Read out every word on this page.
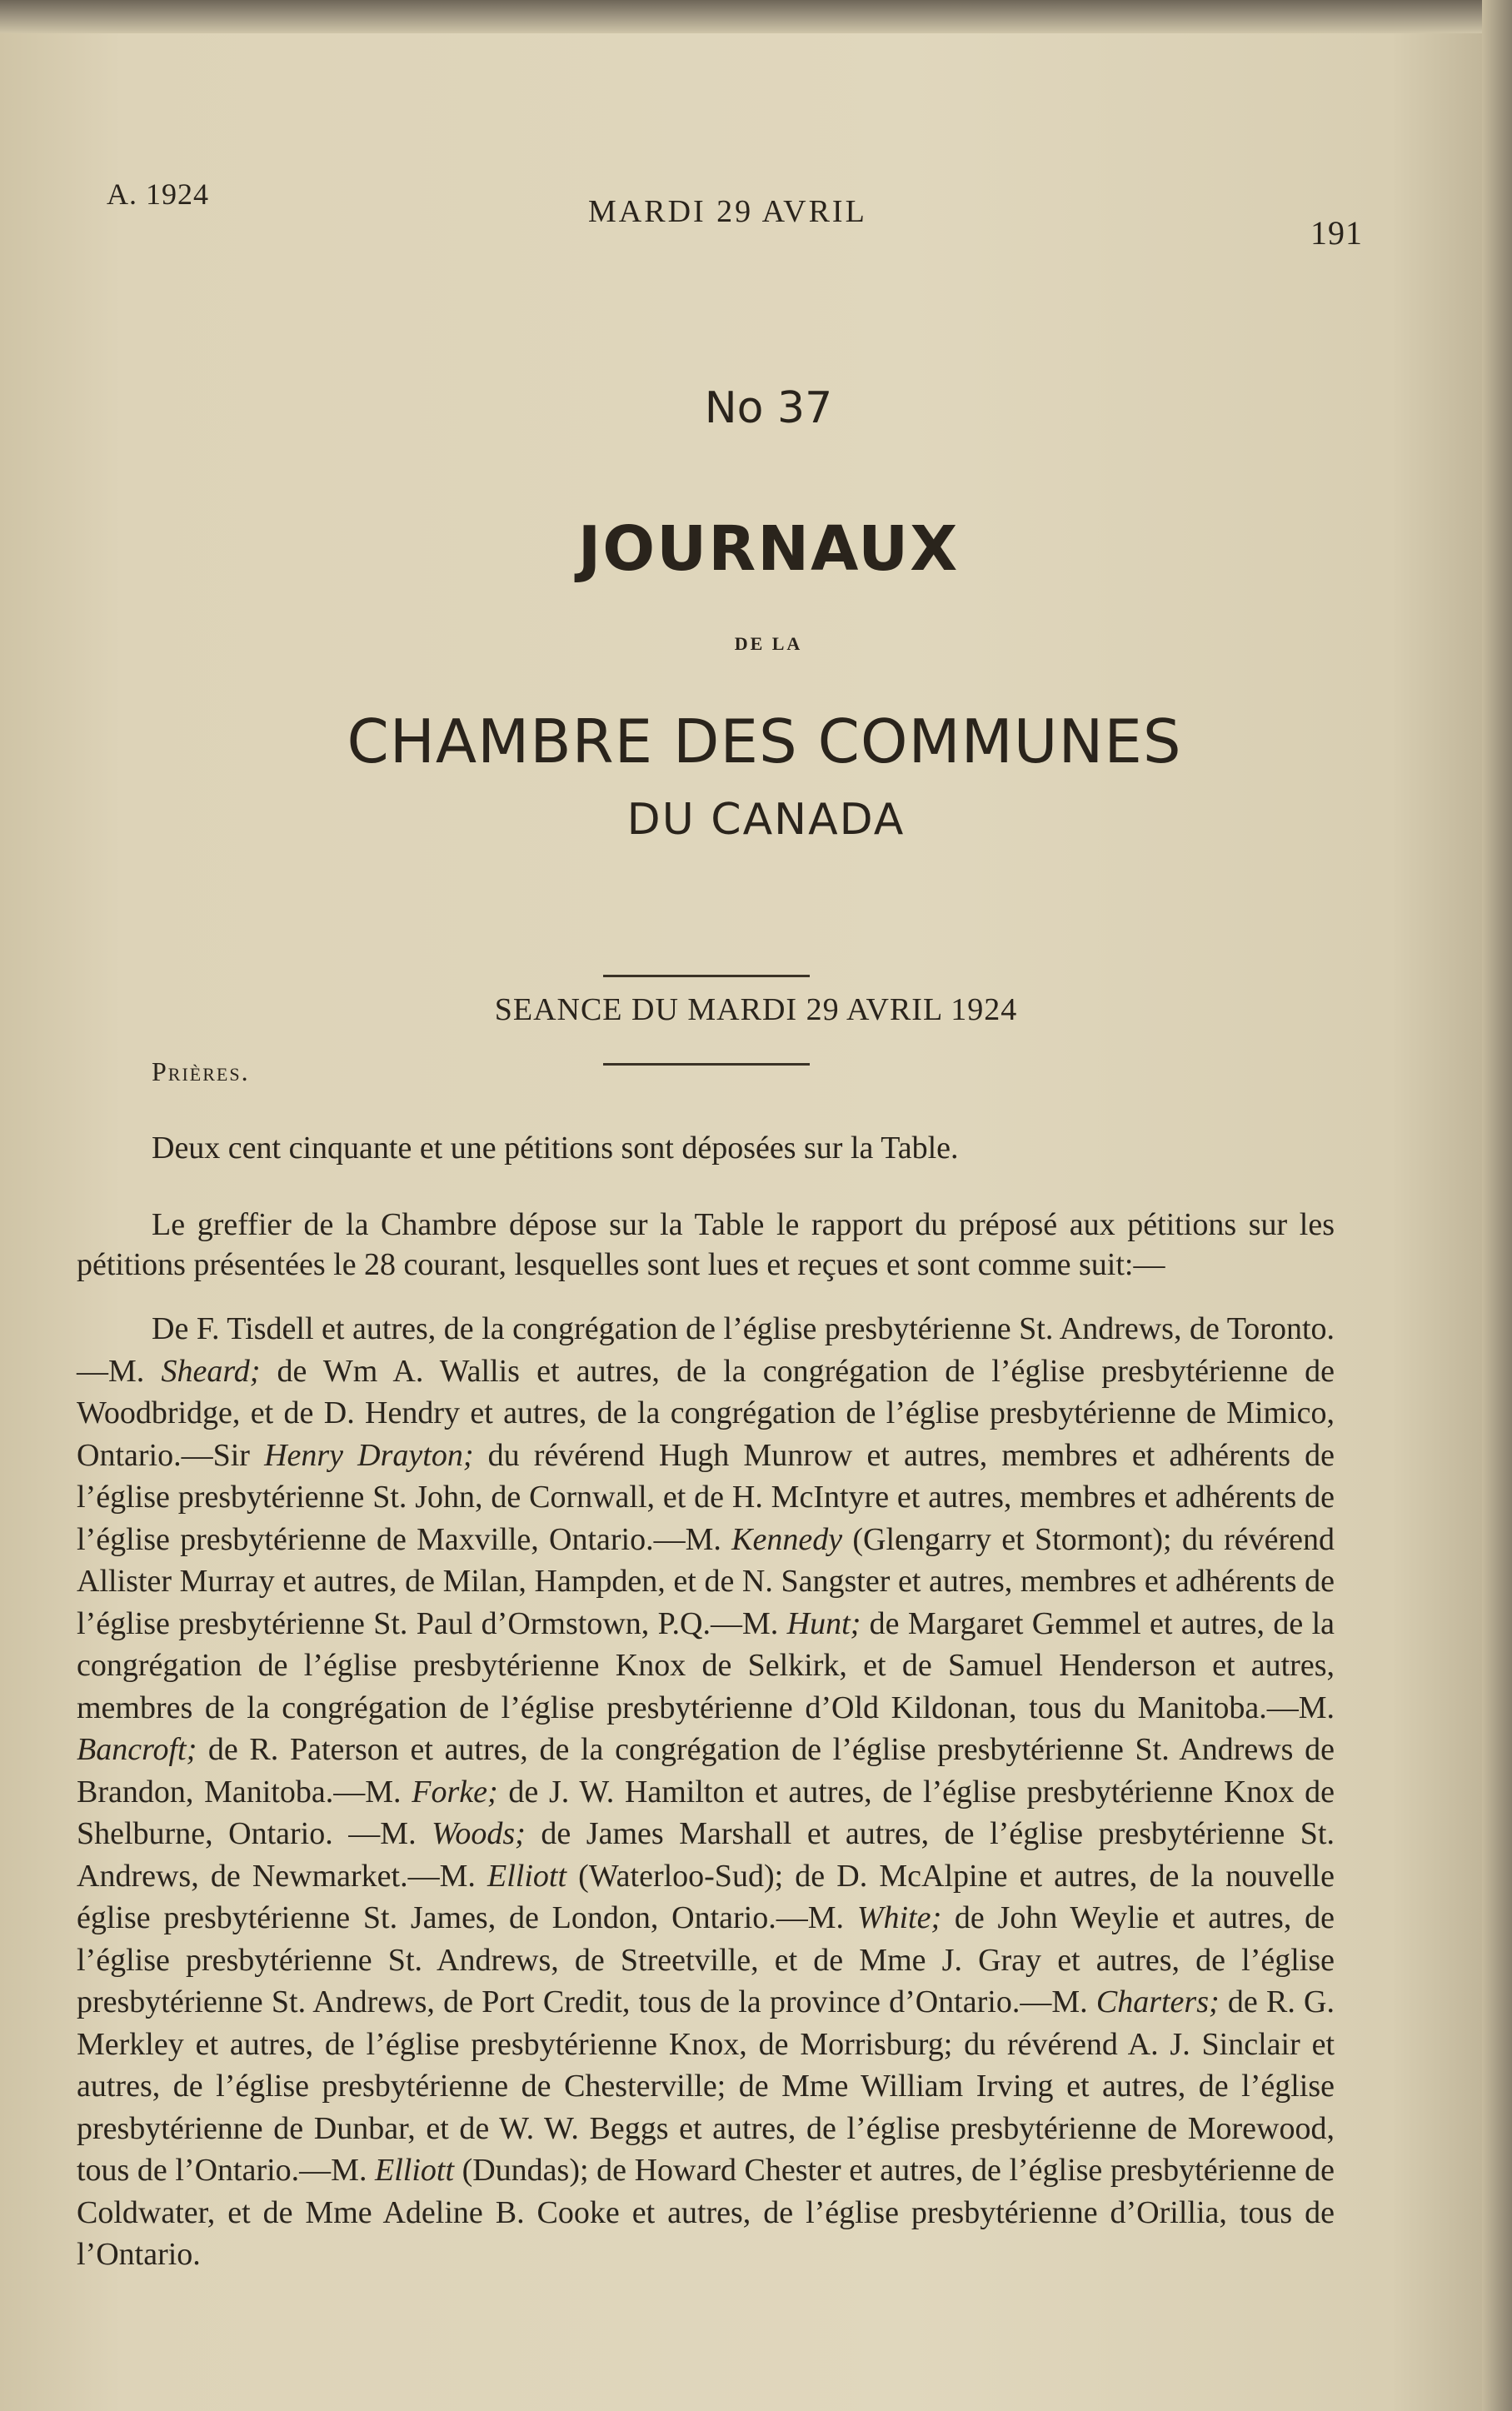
A. 1924	MARDI 29 AVRIL
191
No 37
JOURNAUX
DE LA
CHAMBRE DES COMMUNES
DU CANADA
SEANCE DU MARDI 29 AVRIL 1924
Prières.
Deux cent cinquante et une pétitions sont déposées sur la Table.
Le greffier de la Chambre dépose sur la Table le rapport du préposé aux pétitions sur les pétitions présentées le 28 courant, lesquelles sont lues et reçues et sont comme suit:—
De F. Tisdell et autres, de la congrégation de l’église presbytérienne St. Andrews, de Toronto.—M. Sheard; de Wm A. Wallis et autres, de la congrégation de l’église presbytérienne de Woodbridge, et de D. Hendry et autres, de la congrégation de l’église presbytérienne de Mimico, Ontario.—Sir Henry Drayton; du révérend Hugh Munrow et autres, membres et adhérents de l’église presbytérienne St. John, de Cornwall, et de H. McIntyre et autres, membres et adhérents de l’église presbytérienne de Maxville, Ontario.—M. Kennedy (Glengarry et Stormont); du révérend Allister Murray et autres, de Milan, Hampden, et de N. Sangster et autres, membres et adhérents de l’église presbytérienne St. Paul d’Ormstown, P.Q.—M. Hunt; de Margaret Gemmel et autres, de la congrégation de l’église presbytérienne Knox de Selkirk, et de Samuel Henderson et autres, membres de la congrégation de l’église presbytérienne d’Old Kildonan, tous du Manitoba.—M. Bancroft; de R. Paterson et autres, de la congrégation de l’église presbytérienne St. Andrews de Brandon, Manitoba.—M. Forke; de J. W. Hamilton et autres, de l’église presbytérienne Knox de Shelburne, Ontario. —M. Woods; de James Marshall et autres, de l’église presbytérienne St. Andrews, de Newmarket.—M. Elliott (Waterloo-Sud); de D. McAlpine et autres, de la nouvelle église presbytérienne St. James, de London, Ontario.—M. White; de John Weylie et autres, de l’église presbytérienne St. Andrews, de Streetville, et de Mme J. Gray et autres, de l’église presbytérienne St. Andrews, de Port Credit, tous de la province d’Ontario.—M. Charters; de R. G. Merkley et autres, de l’église presbytérienne Knox, de Morrisburg; du révérend A. J. Sinclair et autres, de l’église presbytérienne de Chesterville; de Mme William Irving et autres, de l’église presbytérienne de Dunbar, et de W. W. Beggs et autres, de l’église presbytérienne de Morewood, tous de l’Ontario.—M. Elliott (Dundas); de Howard Chester et autres, de l’église presbytérienne de Coldwater, et de Mme Adeline B. Cooke et autres, de l’église presbytérienne d’Orillia, tous de l’Ontario.
